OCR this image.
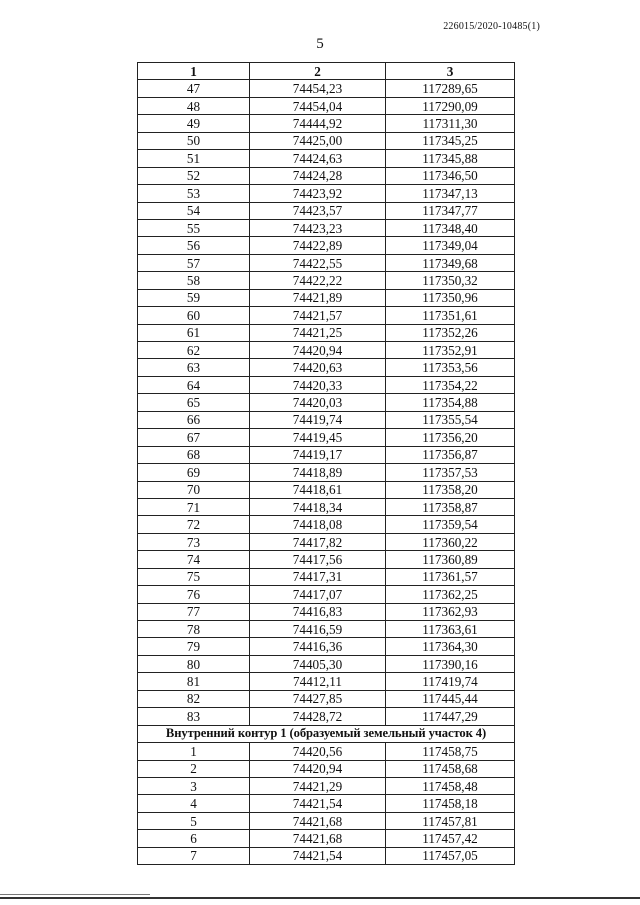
226015/2020-10485(1)
5
1	2	3
47	74454,23	117289,65
48	74454,04	117290,09
49	74444,92	117311,30
50	74425,00	117345,25
51	74424,63	117345,88
52	74424,28	117346,50
53	74423,92	117347,13
54	74423,57	117347,77
55	74423,23	117348,40
56	74422,89	117349,04
57	74422,55	117349,68
58	74422,22	117350,32
59	74421,89	117350,96
60	74421,57	117351,61
61	74421,25	117352,26
62	74420,94	117352,91
63	74420,63	117353,56
64	74420,33	117354,22
65	74420,03	117354,88
66	74419,74	117355,54
67	74419,45	117356,20
68	74419,17	117356,87
69	74418,89	117357,53
70	74418,61	117358,20
71	74418,34	117358,87
72	74418,08	117359,54
73	74417,82	117360,22
74	74417,56	117360,89
75	74417,31	117361,57
76	74417,07	117362,25
77	74416,83	117362,93
78	74416,59	117363,61
79	74416,36	117364,30
80	74405,30	117390,16
81	74412,11	117419,74
82	74427,85	117445,44
83	74428,72	117447,29
Внутренний контур 1 (образуемый земельный участок 4)		
1	74420,56	117458,75
2	74420,94	117458,68
3	74421,29	117458,48
4	74421,54	117458,18
5	74421,68	117457,81
6	74421,68	117457,42
7	74421,54	117457,05
